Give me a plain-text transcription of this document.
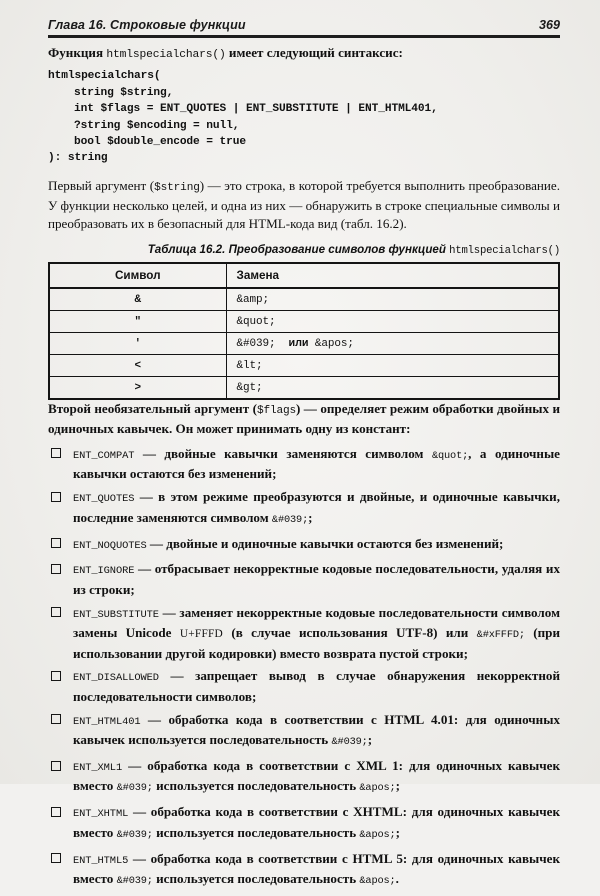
Глава 16. Строковые функции	369

Функция htmlspecialchars() имеет следующий синтаксис:

htmlspecialchars(
string $string,
int $flags = ENT_QUOTES | ENT_SUBSTITUTE | ENT_HTML401,
?string $encoding = null,
bool $double_encode = true
): string

Первый аргумент ($string) — это строка, в которой требуется выполнить преобразование. У функции несколько целей, и одна из них — обнаружить в строке специальные символы и преобразовать их в безопасный для HTML-кода вид (табл. 16.2).

Таблица 16.2. Преобразование символов функцией htmlspecialchars()
Символ	Замена
&	&amp;
"	&quot;
'	&#039; или &apos;
<	&lt;
>	&gt;

Второй необязательный аргумент ($flags) — определяет режим обработки двойных и одиночных кавычек. Он может принимать одну из констант:

ENT_COMPAT — двойные кавычки заменяются символом &quot;, а одиночные кавычки остаются без изменений;
ENT_QUOTES — в этом режиме преобразуются и двойные, и одиночные кавычки, последние заменяются символом &#039;;
ENT_NOQUOTES — двойные и одиночные кавычки остаются без изменений;
ENT_IGNORE — отбрасывает некорректные кодовые последовательности, удаляя их из строки;
ENT_SUBSTITUTE — заменяет некорректные кодовые последовательности символом замены Unicode U+FFFD (в случае использования UTF-8) или &#xFFFD; (при использовании другой кодировки) вместо возврата пустой строки;
ENT_DISALLOWED — запрещает вывод в случае обнаружения некорректной последовательности символов;
ENT_HTML401 — обработка кода в соответствии с HTML 4.01: для одиночных кавычек используется последовательность &#039;;
ENT_XML1 — обработка кода в соответствии с XML 1: для одиночных кавычек вместо &#039; используется последовательность &apos;;
ENT_XHTML — обработка кода в соответствии с XHTML: для одиночных кавычек вместо &#039; используется последовательность &apos;;
ENT_HTML5 — обработка кода в соответствии с HTML 5: для одиночных кавычек вместо &#039; используется последовательность &apos;.
